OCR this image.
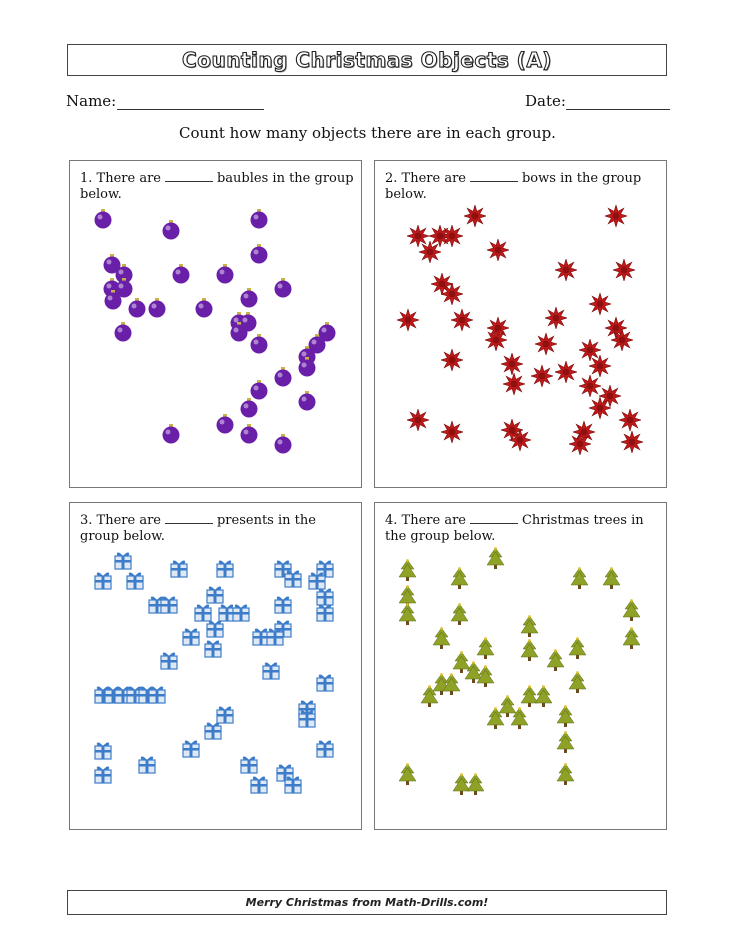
Counting Christmas Objects (A)
Name:	Date:
Count how many objects there are in each group.
1. There are	baubles in the group below.
2. There are	bows in the group below.
3. There are	presents in the group below.
4. There are	Christmas trees in the group below.
Merry Christmas from Math-Drills.com!
